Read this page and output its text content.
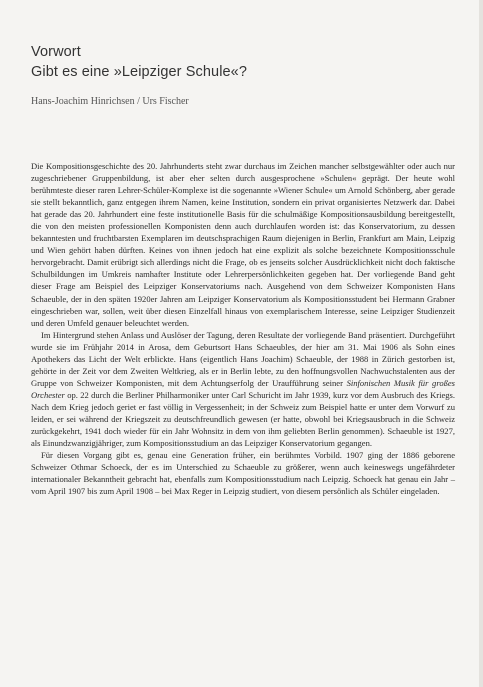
Vorwort
Gibt es eine »Leipziger Schule«?
Hans-Joachim Hinrichsen / Urs Fischer

Die Kompositionsgeschichte des 20. Jahrhunderts steht zwar durchaus im Zeichen mancher selbstgewählter oder auch nur zugeschriebener Gruppenbildung, ist aber eher selten durch ausgesprochene »Schulen« geprägt. Der heute wohl berühmteste dieser raren Lehrer-Schüler-Komplexe ist die sogenannte »Wiener Schule« um Arnold Schönberg, aber gerade sie stellt bekanntlich, ganz entgegen ihrem Namen, keine Institution, sondern ein privat organisiertes Netzwerk dar. Dabei hat gerade das 20. Jahrhundert eine feste institutionelle Basis für die schulmäßige Kompositionsausbildung bereitgestellt, die von den meisten professionellen Komponisten denn auch durchlaufen worden ist: das Konservatorium, zu dessen bekanntesten und fruchtbarsten Exemplaren im deutschsprachigen Raum diejenigen in Berlin, Frankfurt am Main, Leipzig und Wien gehört haben dürften. Keines von ihnen jedoch hat eine explizit als solche bezeichnete Kompositionsschule hervorgebracht. Damit erübrigt sich allerdings nicht die Frage, ob es jenseits solcher Ausdrücklichkeit nicht doch faktische Schulbildungen im Umkreis namhafter Institute oder Lehrerpersönlichkeiten gegeben hat. Der vorliegende Band geht dieser Frage am Beispiel des Leipziger Konservatoriums nach. Ausgehend von dem Schweizer Komponisten Hans Schaeuble, der in den späten 1920er Jahren am Leipziger Konservatorium als Kompositionsstudent bei Hermann Grabner eingeschrieben war, sollen, weit über diesen Einzelfall hinaus von exemplarischem Interesse, seine Leipziger Studienzeit und deren Umfeld genauer beleuchtet werden.

Im Hintergrund stehen Anlass und Auslöser der Tagung, deren Resultate der vorliegende Band präsentiert. Durchgeführt wurde sie im Frühjahr 2014 in Arosa, dem Geburtsort Hans Schaeubles, der hier am 31. Mai 1906 als Sohn eines Apothekers das Licht der Welt erblickte. Hans (eigentlich Hans Joachim) Schaeuble, der 1988 in Zürich gestorben ist, gehörte in der Zeit vor dem Zweiten Weltkrieg, als er in Berlin lebte, zu den hoffnungsvollen Nachwuchstalenten aus der Gruppe von Schweizer Komponisten, mit dem Achtungserfolg der Uraufführung seiner Sinfonischen Musik für großes Orchester op. 22 durch die Berliner Philharmoniker unter Carl Schuricht im Jahr 1939, kurz vor dem Ausbruch des Kriegs. Nach dem Krieg jedoch geriet er fast völlig in Vergessenheit; in der Schweiz zum Beispiel hatte er unter dem Vorwurf zu leiden, er sei während der Kriegszeit zu deutschfreundlich gewesen (er hatte, obwohl bei Kriegsausbruch in die Schweiz zurückgekehrt, 1941 doch wieder für ein Jahr Wohnsitz in dem von ihm geliebten Berlin genommen). Schaeuble ist 1927, als Einundzwanzigjähriger, zum Kompositionsstudium an das Leipziger Konservatorium gegangen.

Für diesen Vorgang gibt es, genau eine Generation früher, ein berühmtes Vorbild. 1907 ging der 1886 geborene Schweizer Othmar Schoeck, der es im Unterschied zu Schaeuble zu größerer, wenn auch keineswegs ungefährdeter internationaler Bekanntheit gebracht hat, ebenfalls zum Kompositionsstudium nach Leipzig. Schoeck hat genau ein Jahr – vom April 1907 bis zum April 1908 – bei Max Reger in Leipzig studiert, von diesem persönlich als Schüler eingeladen.
